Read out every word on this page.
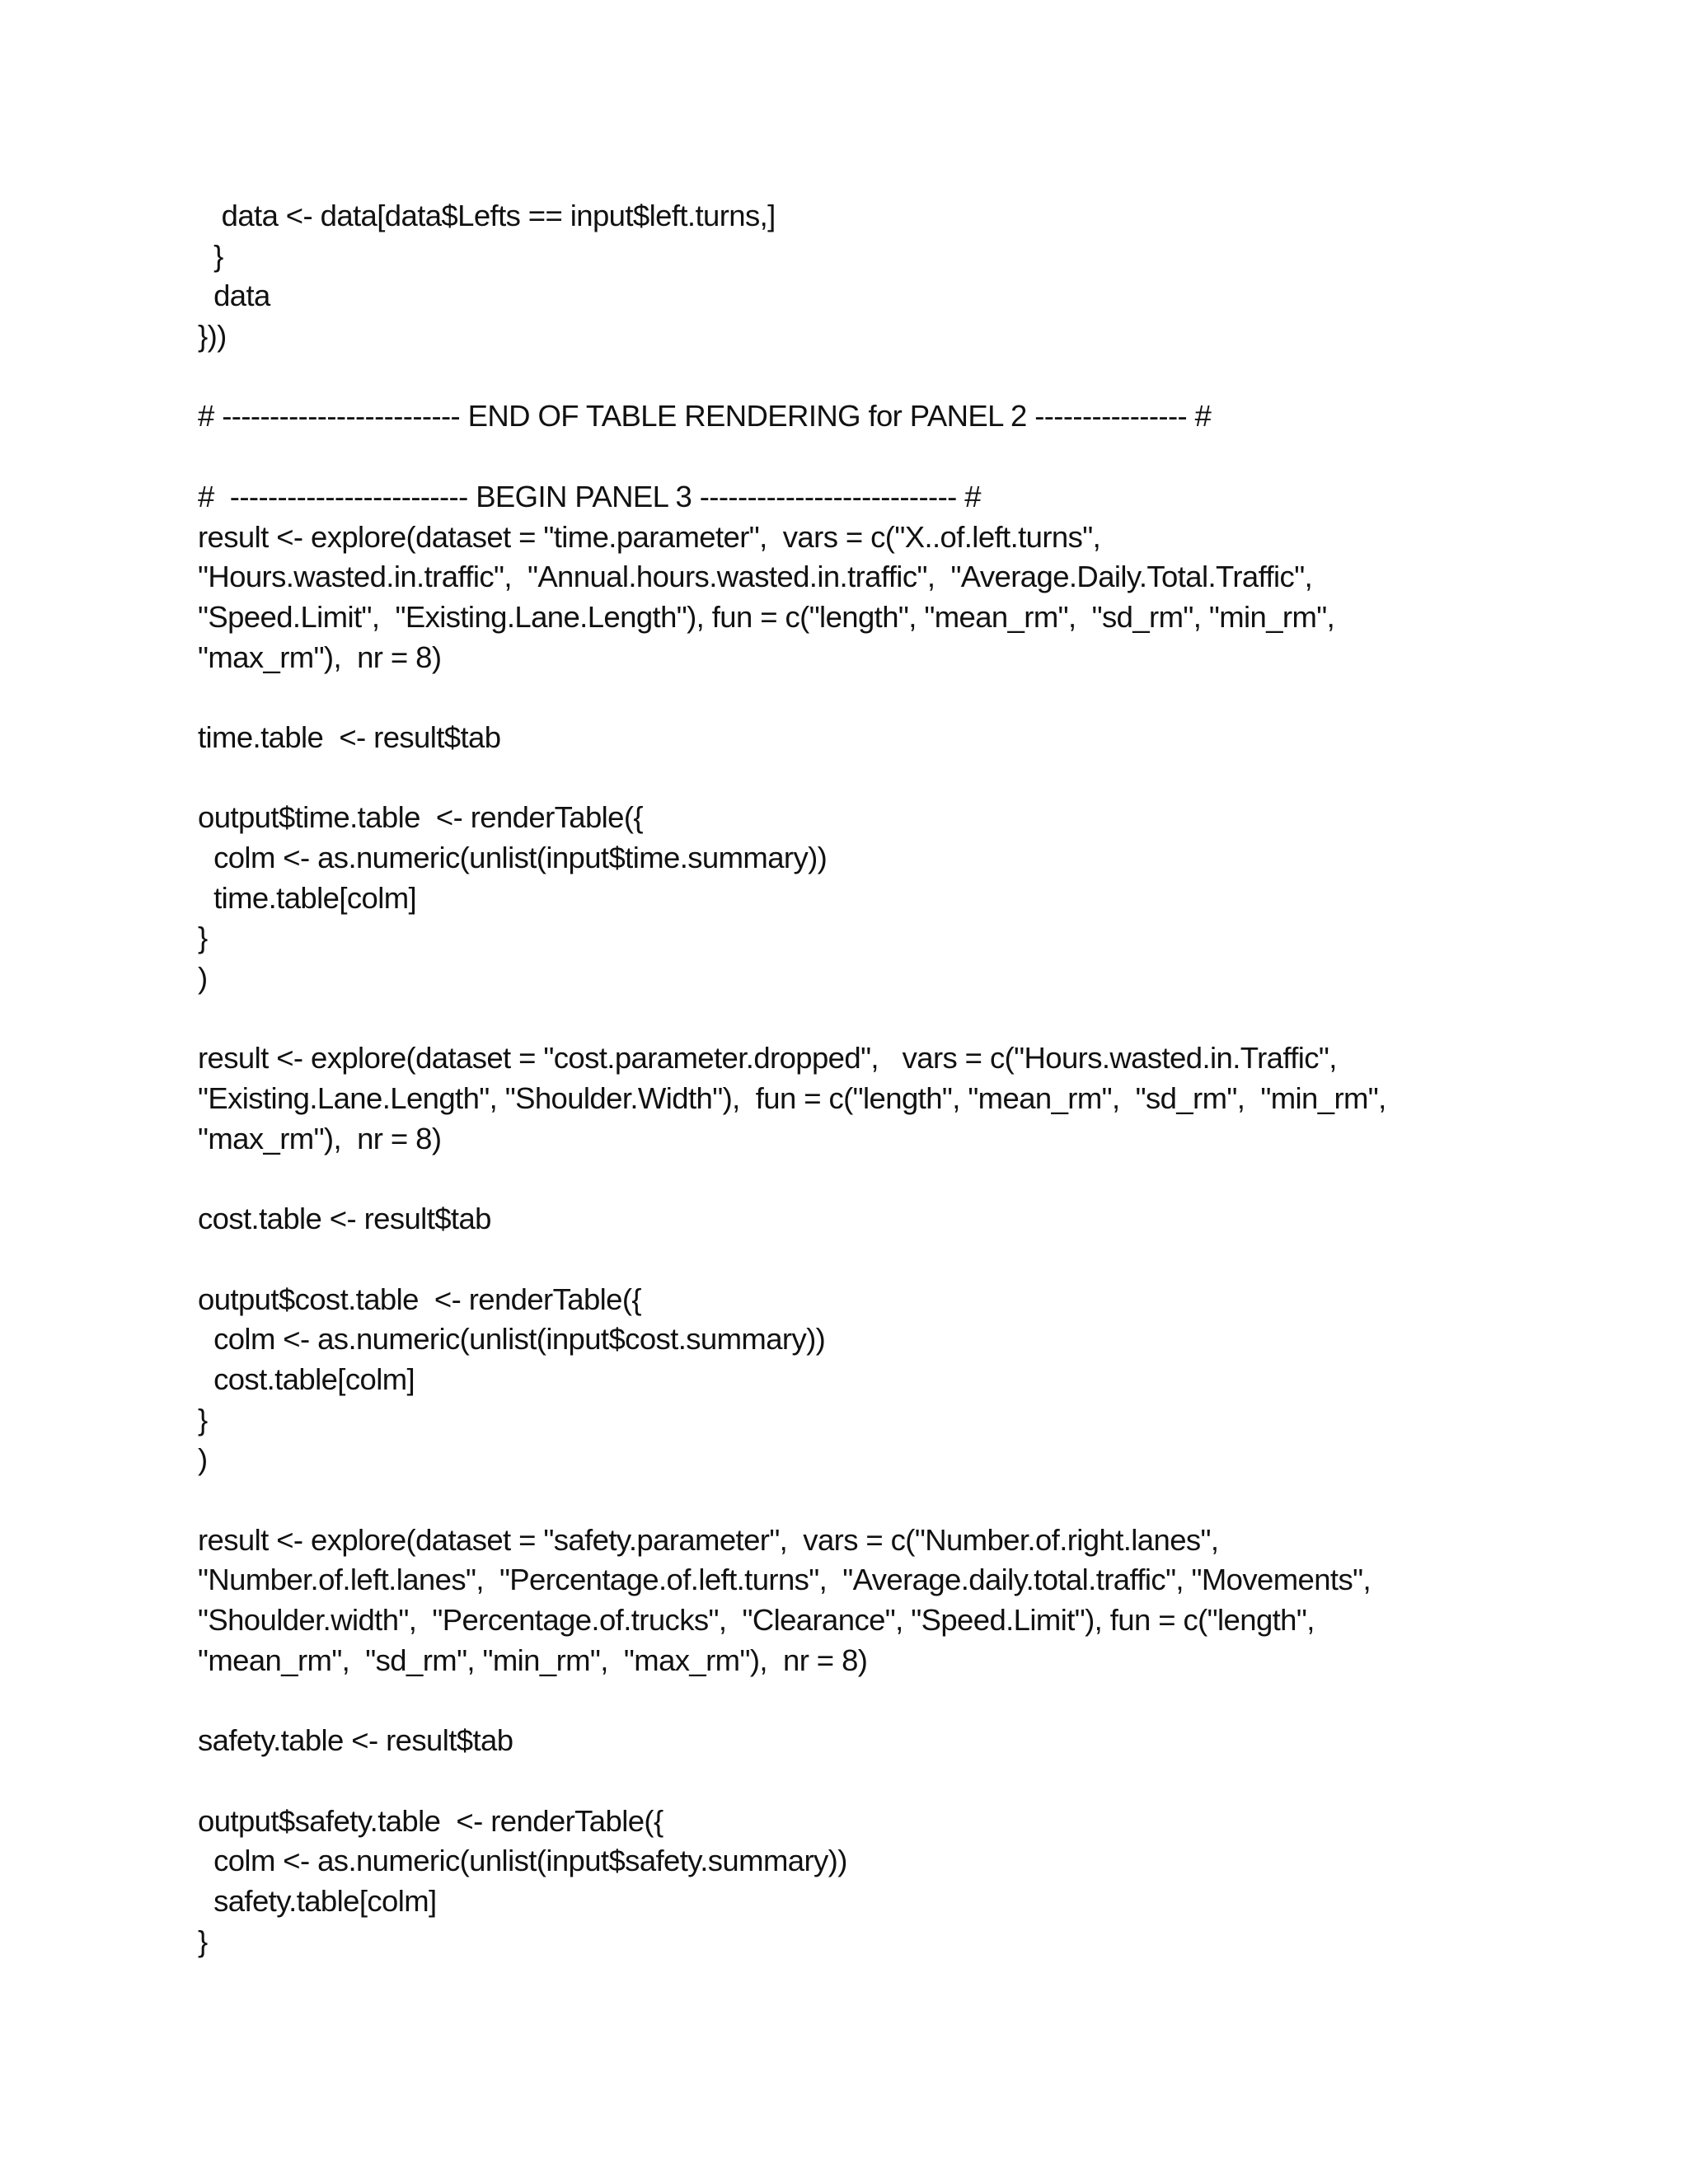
data <- data[data$Lefts == input$left.turns,]
}
data
}))
# ------------------------- END OF TABLE RENDERING for PANEL 2 ---------------- #
#  ------------------------- BEGIN PANEL 3 --------------------------- #
result <- explore(dataset = "time.parameter",  vars = c("X..of.left.turns",
"Hours.wasted.in.traffic",  "Annual.hours.wasted.in.traffic",  "Average.Daily.Total.Traffic",
"Speed.Limit",  "Existing.Lane.Length"), fun = c("length", "mean_rm",  "sd_rm", "min_rm",
"max_rm"),  nr = 8)
time.table  <- result$tab
output$time.table  <- renderTable({
colm <- as.numeric(unlist(input$time.summary))
time.table[colm]
}
)
result <- explore(dataset = "cost.parameter.dropped",   vars = c("Hours.wasted.in.Traffic",
"Existing.Lane.Length", "Shoulder.Width"),  fun = c("length", "mean_rm",  "sd_rm",  "min_rm",
"max_rm"),  nr = 8)
cost.table <- result$tab
output$cost.table  <- renderTable({
colm <- as.numeric(unlist(input$cost.summary))
cost.table[colm]
}
)
result <- explore(dataset = "safety.parameter",  vars = c("Number.of.right.lanes",
"Number.of.left.lanes",  "Percentage.of.left.turns",  "Average.daily.total.traffic", "Movements",
"Shoulder.width",  "Percentage.of.trucks",  "Clearance", "Speed.Limit"), fun = c("length",
"mean_rm",  "sd_rm", "min_rm",  "max_rm"),  nr = 8)
safety.table <- result$tab
output$safety.table  <- renderTable({
colm <- as.numeric(unlist(input$safety.summary))
safety.table[colm]
}
